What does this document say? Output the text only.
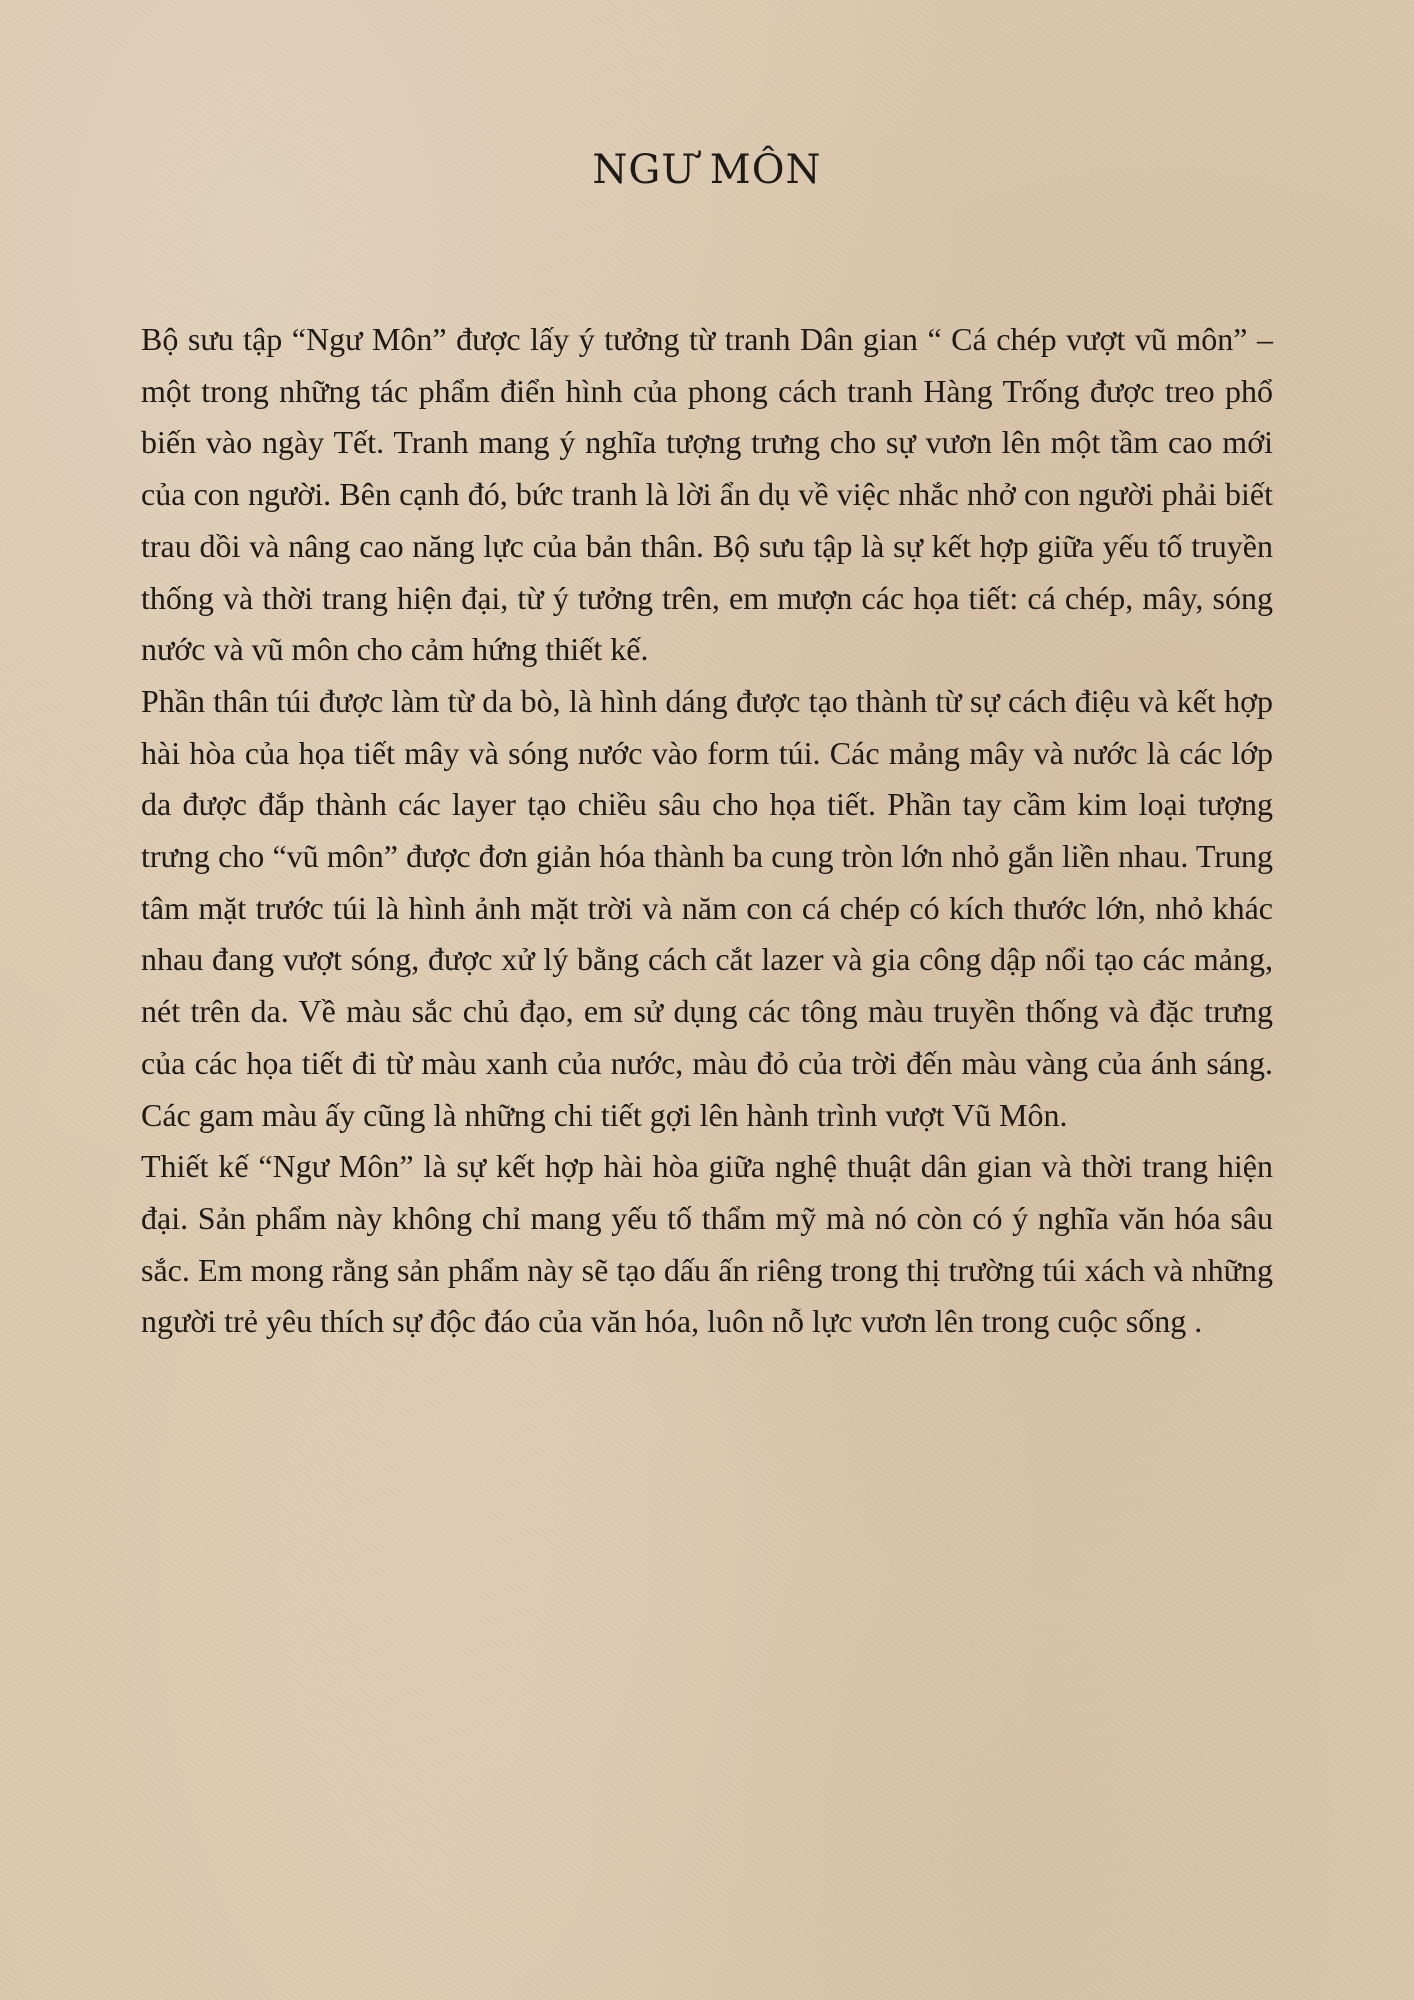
NGƯ MÔN

Bộ sưu tập “Ngư Môn” được lấy ý tưởng từ tranh Dân gian “ Cá chép vượt vũ môn” – một trong những tác phẩm điển hình của phong cách tranh Hàng Trống được treo phổ biến vào ngày Tết. Tranh mang ý nghĩa tượng trưng cho sự vươn lên một tầm cao mới của con người. Bên cạnh đó, bức tranh là lời ẩn dụ về việc nhắc nhở con người phải biết trau dồi và nâng cao năng lực của bản thân. Bộ sưu tập là sự kết hợp giữa yếu tố truyền thống và thời trang hiện đại, từ ý tưởng trên, em mượn các họa tiết: cá chép, mây, sóng nước và vũ môn cho cảm hứng thiết kế.

Phần thân túi được làm từ da bò, là hình dáng được tạo thành từ sự cách điệu và kết hợp hài hòa của họa tiết mây và sóng nước vào form túi. Các mảng mây và nước là các lớp da được đắp thành các layer tạo chiều sâu cho họa tiết. Phần tay cầm kim loại tượng trưng cho “vũ môn” được đơn giản hóa thành ba cung tròn lớn nhỏ gắn liền nhau. Trung tâm mặt trước túi là hình ảnh mặt trời và năm con cá chép có kích thước lớn, nhỏ khác nhau đang vượt sóng, được xử lý bằng cách cắt lazer và gia công dập nổi tạo các mảng, nét trên da. Về màu sắc chủ đạo, em sử dụng các tông màu truyền thống và đặc trưng của các họa tiết đi từ màu xanh của nước, màu đỏ của trời đến màu vàng của ánh sáng. Các gam màu ấy cũng là những chi tiết gợi lên hành trình vượt Vũ Môn.

Thiết kế “Ngư Môn” là sự kết hợp hài hòa giữa nghệ thuật dân gian và thời trang hiện đại. Sản phẩm này không chỉ mang yếu tố thẩm mỹ mà nó còn có ý nghĩa văn hóa sâu sắc. Em mong rằng sản phẩm này sẽ tạo dấu ấn riêng trong thị trường túi xách và những người trẻ yêu thích sự độc đáo của văn hóa, luôn nỗ lực vươn lên trong cuộc sống .
